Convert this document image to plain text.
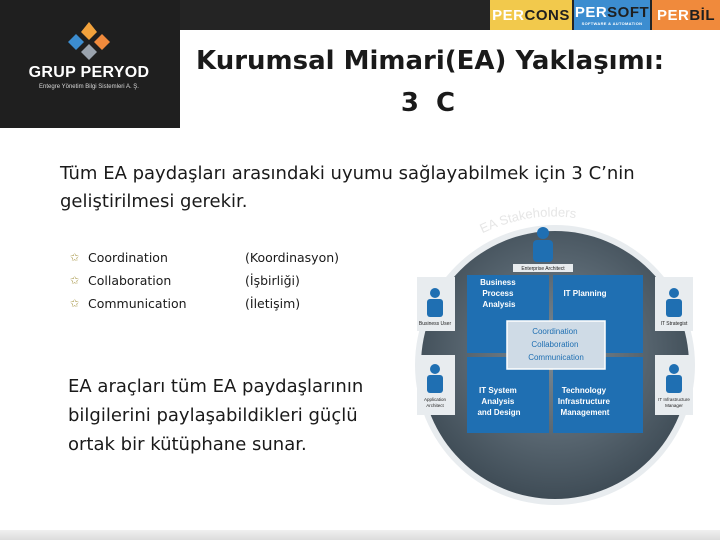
PERCONS PERSOFT
SOFTWARE & AUTOMATION PERBİL
GRUP PERYOD
Entegre Yönetim Bilgi Sistemleri A. Ş.
Kurumsal Mimari(EA) Yaklaşımı:
3 C
Tüm EA paydaşları arasındaki uyumu sağlayabilmek için 3 C’nin geliştirilmesi gerekir.
✩ Coordination	(Koordinasyon)
✩ Collaboration	(İşbirliği)
✩ Communication	(İletişim)
EA araçları tüm EA paydaşlarının bilgilerini paylaşabildikleri güçlü ortak bir kütüphane sunar.
EA Stakeholders
Enterprise Architect
Business User
Application Architect
IT Strategist
IT Infrastructure Manager
Business Process Analysis
IT Planning
IT System Analysis and Design
Technology Infrastructure Management
Coordination Collaboration Communication
